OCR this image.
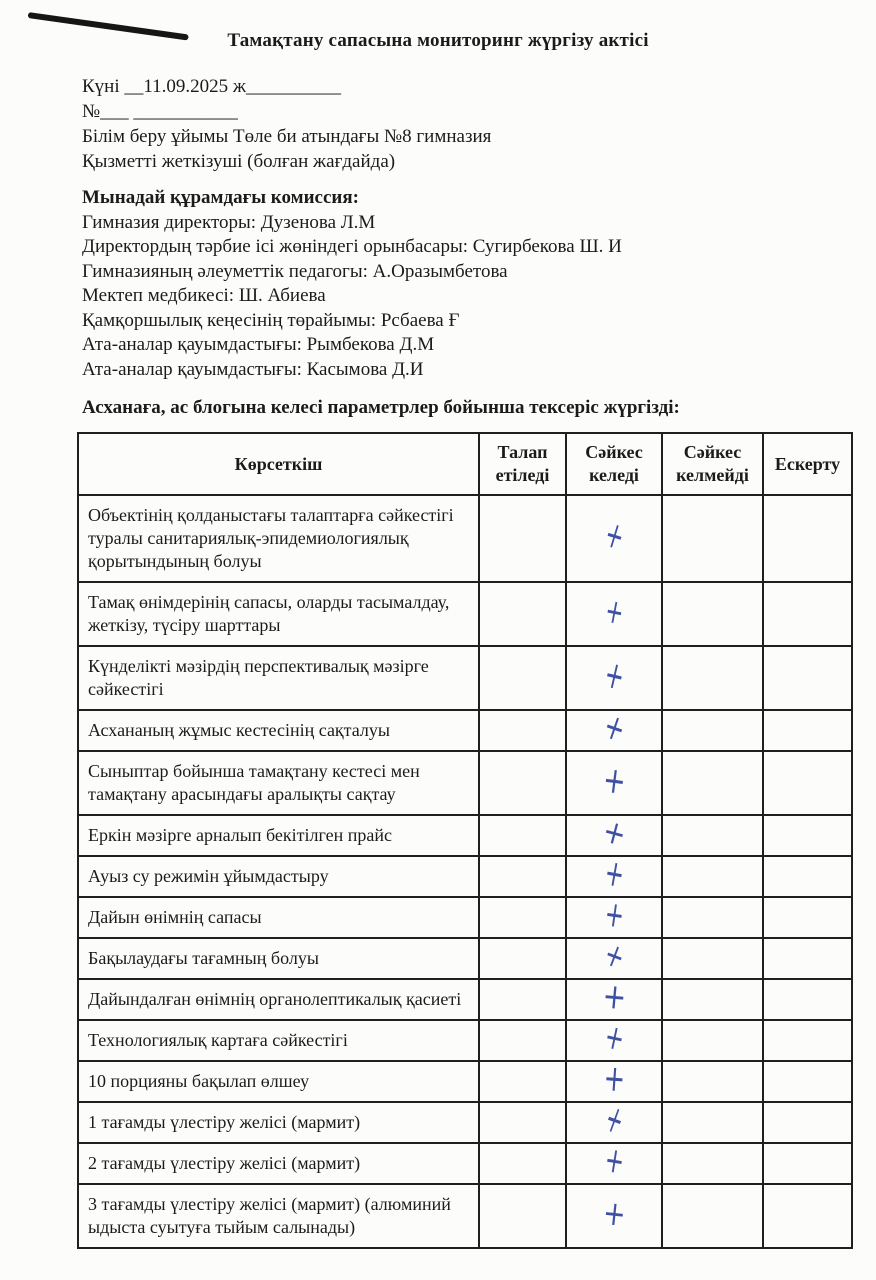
Тамақтану сапасына мониторинг жүргізу актісі
Күні __11.09.2025 ж__________
№___ ___________
Білім беру ұйымы Төле би атындағы №8 гимназия
Қызметті жеткізуші (болған жағдайда)
Мынадай құрамдағы комиссия:
Гимназия директоры: Дузенова Л.М
Директордың тәрбие ісі жөніндегі орынбасары: Сугирбекова Ш. И
Гимназияның әлеуметтік педагогы: А.Оразымбетова
Мектеп медбикесі: Ш. Абиева
Қамқоршылық кеңесінің төрайымы: Рсбаева Ғ
Ата-аналар қауымдастығы: Рымбекова Д.М
Ата-аналар қауымдастығы: Касымова Д.И
Асханаға, ас блогына келесі параметрлер бойынша тексеріс жүргізді:
Көрсеткіш	Талап етіледі	Сәйкес келеді	Сәйкес келмейді	Ескерту
Объектінің қолданыстағы талаптарға сәйкестігі туралы санитариялық-эпидемиологиялық қорытындының болуы		+		
Тамақ өнімдерінің сапасы, оларды тасымалдау, жеткізу, түсіру шарттары		+		
Күнделікті мәзірдің перспективалық мәзірге сәйкестігі		+		
Асхананың жұмыс кестесінің сақталуы		+		
Сыныптар бойынша тамақтану кестесі мен тамақтану арасындағы аралықты сақтау		+		
Еркін мәзірге арналып бекітілген прайс		+		
Ауыз су режимін ұйымдастыру		+		
Дайын өнімнің сапасы		+		
Бақылаудағы тағамның болуы		+		
Дайындалған өнімнің органолептикалық қасиеті		+		
Технологиялық картаға сәйкестігі		+		
10 порцияны бақылап өлшеу		+		
1 тағамды үлестіру желісі (мармит)		+		
2 тағамды үлестіру желісі (мармит)		+		
3 тағамды үлестіру желісі (мармит) (алюминий ыдыста суытуға тыйым салынады)		+		
